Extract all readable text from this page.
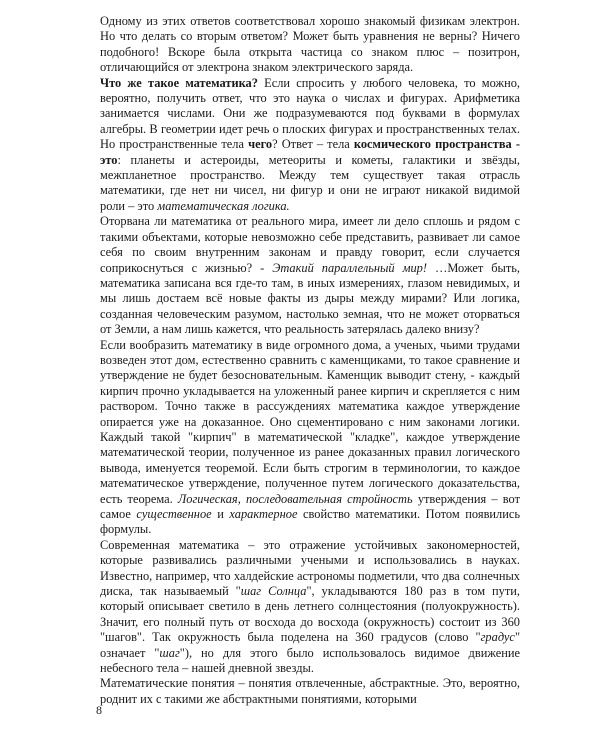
Одному из этих ответов соответствовал хорошо знакомый физикам электрон. Но что делать со вторым ответом? Может быть уравнения не верны? Ничего подобного! Вскоре была открыта частица со знаком плюс – позитрон, отличающийся от электрона знаком электрического заряда.

Что же такое математика? Если спросить у любого человека, то можно, вероятно, получить ответ, что это наука о числах и фигурах. Арифметика занимается числами. Они же подразумеваются под буквами в формулах алгебры. В геометрии идет речь о плоских фигурах и пространственных телах. Но пространственные тела чего? Ответ – тела космического пространства - это: планеты и астероиды, метеориты и кометы, галактики и звёзды, межпланетное пространство. Между тем существует такая отрасль математики, где нет ни чисел, ни фигур и они не играют никакой видимой роли – это математическая логика.

Оторвана ли математика от реального мира, имеет ли дело сплошь и рядом с такими объектами, которые невозможно себе представить, развивает ли самое себя по своим внутренним законам и правду говорит, если случается соприкоснуться с жизнью? - Этакий параллельный мир! …Может быть, математика записана вся где-то там, в иных измерениях, глазом невидимых, и мы лишь достаем всё новые факты из дыры между мирами? Или логика, созданная человеческим разумом, настолько земная, что не может оторваться от Земли, а нам лишь кажется, что реальность затерялась далеко внизу?

Если вообразить математику в виде огромного дома, а ученых, чьими трудами возведен этот дом, естественно сравнить с каменщиками, то такое сравнение и утверждение не будет безосновательным. Каменщик выводит стену, - каждый кирпич прочно укладывается на уложенный ранее кирпич и скрепляется с ним раствором. Точно также в рассуждениях математика каждое утверждение опирается уже на доказанное. Оно сцементировано с ним законами логики. Каждый такой "кирпич" в математической "кладке", каждое утверждение математической теории, полученное из ранее доказанных правил логического вывода, именуется теоремой. Если быть строгим в терминологии, то каждое математическое утверждение, полученное путем логического доказательства, есть теорема. Логическая, последовательная стройность утверждения – вот самое существенное и характерное свойство математики. Потом появились формулы.

Современная математика – это отражение устойчивых закономерностей, которые развивались различными учеными и использовались в науках. Известно, например, что халдейские астрономы подметили, что два солнечных диска, так называемый "шаг Солнца", укладываются 180 раз в том пути, который описывает светило в день летнего солнцестояния (полуокружность). Значит, его полный путь от восхода до восхода (окружность) состоит из 360 "шагов". Так окружность была поделена на 360 градусов (слово "градус" означает "шаг"), но для этого было использовалось видимое движение небесного тела – нашей дневной звезды.

Математические понятия – понятия отвлеченные, абстрактные. Это, вероятно, роднит их с такими же абстрактными понятиями, которыми

8
